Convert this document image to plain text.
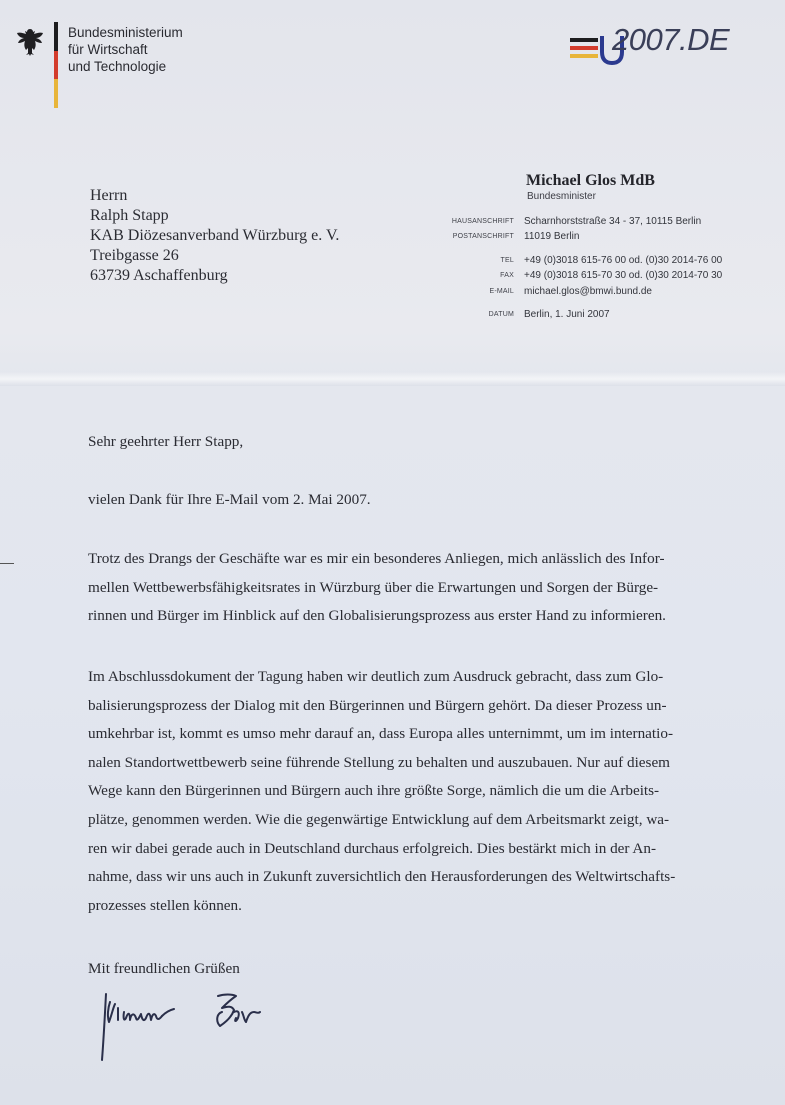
Bundesministerium
für Wirtschaft
und Technologie
2007.DE
Herrn
Ralph Stapp
KAB Diözesanverband Würzburg e. V.
Treibgasse 26
63739 Aschaffenburg
Michael Glos MdB
Bundesminister
HAUSANSCHRIFT Scharnhorststraße 34 - 37, 10115 Berlin
POSTANSCHRIFT 11019 Berlin
TEL +49 (0)3018 615-76 00 od. (0)30 2014-76 00
FAX +49 (0)3018 615-70 30 od. (0)30 2014-70 30
E-MAIL michael.glos@bmwi.bund.de
DATUM Berlin, 1. Juni 2007
Sehr geehrter Herr Stapp,
vielen Dank für Ihre E-Mail vom 2. Mai 2007.
Trotz des Drangs der Geschäfte war es mir ein besonderes Anliegen, mich anlässlich des Infor-
mellen Wettbewerbsfähigkeitsrates in Würzburg über die Erwartungen und Sorgen der Bürge-
rinnen und Bürger im Hinblick auf den Globalisierungsprozess aus erster Hand zu informieren.
Im Abschlussdokument der Tagung haben wir deutlich zum Ausdruck gebracht, dass zum Glo-
balisierungsprozess der Dialog mit den Bürgerinnen und Bürgern gehört. Da dieser Prozess un-
umkehrbar ist, kommt es umso mehr darauf an, dass Europa alles unternimmt, um im internatio-
nalen Standortwettbewerb seine führende Stellung zu behalten und auszubauen. Nur auf diesem
Wege kann den Bürgerinnen und Bürgern auch ihre größte Sorge, nämlich die um die Arbeits-
plätze, genommen werden. Wie die gegenwärtige Entwicklung auf dem Arbeitsmarkt zeigt, wa-
ren wir dabei gerade auch in Deutschland durchaus erfolgreich. Dies bestärkt mich in der An-
nahme, dass wir uns auch in Zukunft zuversichtlich den Herausforderungen des Weltwirtschafts-
prozesses stellen können.
Mit freundlichen Grüßen
